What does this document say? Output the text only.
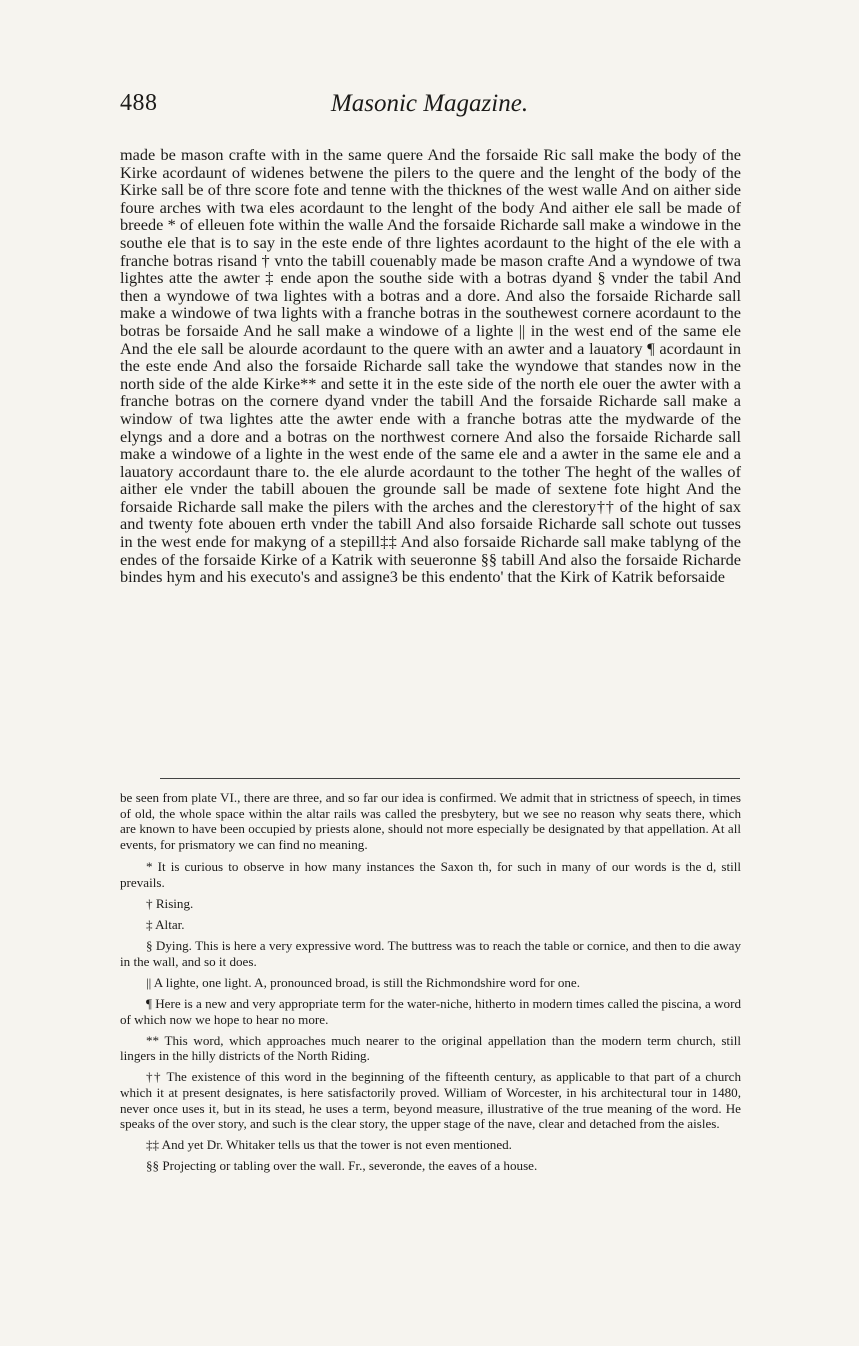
488	Masonic Magazine.

made be mason crafte with in the same quere And the forsaide Ric sall make the body of the Kirke acordaunt of widenes betwene the pilers to the quere and the lenght of the body of the Kirke sall be of thre score fote and tenne with the thicknes of the west walle And on aither side foure arches with twa eles acordaunt to the lenght of the body And aither ele sall be made of breede * of elleuen fote within the walle And the forsaide Richarde sall make a windowe in the southe ele that is to say in the este ende of thre lightes acordaunt to the hight of the ele with a franche botras risand † vnto the tabill couenably made be mason crafte And a wyndowe of twa lightes atte the awter ‡ ende apon the southe side with a botras dyand § vnder the tabil And then a wyndowe of twa lightes with a botras and a dore. And also the forsaide Richarde sall make a windowe of twa lights with a franche botras in the southewest cornere acordaunt to the botras be forsaide And he sall make a windowe of a lighte || in the west end of the same ele And the ele sall be alourde acordaunt to the quere with an awter and a lauatory ¶ acordaunt in the este ende And also the forsaide Richarde sall take the wyndowe that standes now in the north side of the alde Kirke** and sette it in the este side of the north ele ouer the awter with a franche botras on the cornere dyand vnder the tabill And the forsaide Richarde sall make a window of twa lightes atte the awter ende with a franche botras atte the mydwarde of the elyngs and a dore and a botras on the northwest cornere And also the forsaide Richarde sall make a windowe of a lighte in the west ende of the same ele and a awter in the same ele and a lauatory accordaunt thare to. the ele alurde acordaunt to the tother The heght of the walles of aither ele vnder the tabill abouen the grounde sall be made of sextene fote hight And the forsaide Richarde sall make the pilers with the arches and the clerestory†† of the hight of sax and twenty fote abouen erth vnder the tabill And also forsaide Richarde sall schote out tusses in the west ende for makyng of a stepill‡‡ And also forsaide Richarde sall make tablyng of the endes of the forsaide Kirke of a Katrik with seueronne §§ tabill And also the forsaide Richarde bindes hym and his executo's and assigne3 be this endento' that the Kirk of Katrik beforsaide

be seen from plate VI., there are three, and so far our idea is confirmed. We admit that in strictness of speech, in times of old, the whole space within the altar rails was called the presbytery, but we see no reason why seats there, which are known to have been occupied by priests alone, should not more especially be designated by that appellation. At all events, for prismatory we can find no meaning.

* It is curious to observe in how many instances the Saxon th, for such in many of our words is the d, still prevails.

† Rising.

‡ Altar.

§ Dying. This is here a very expressive word. The buttress was to reach the table or cornice, and then to die away in the wall, and so it does.

|| A lighte, one light. A, pronounced broad, is still the Richmondshire word for one.

¶ Here is a new and very appropriate term for the water-niche, hitherto in modern times called the piscina, a word of which now we hope to hear no more.

** This word, which approaches much nearer to the original appellation than the modern term church, still lingers in the hilly districts of the North Riding.

†† The existence of this word in the beginning of the fifteenth century, as applicable to that part of a church which it at present designates, is here satisfactorily proved. William of Worcester, in his architectural tour in 1480, never once uses it, but in its stead, he uses a term, beyond measure, illustrative of the true meaning of the word. He speaks of the over story, and such is the clear story, the upper stage of the nave, clear and detached from the aisles.

‡‡ And yet Dr. Whitaker tells us that the tower is not even mentioned.

§§ Projecting or tabling over the wall. Fr., severonde, the eaves of a house.
